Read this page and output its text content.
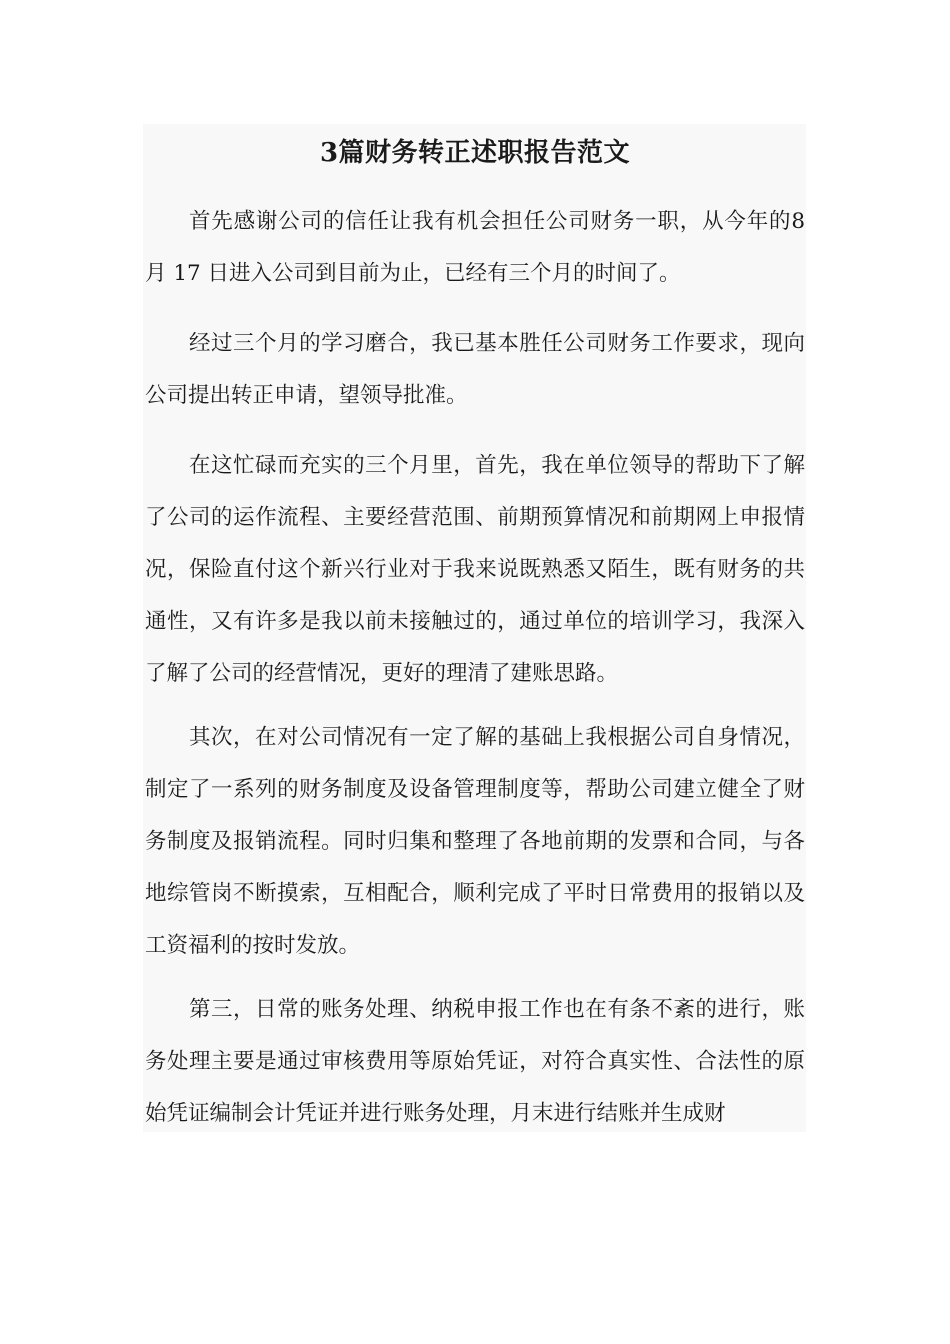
3篇财务转正述职报告范文

首先感谢公司的信任让我有机会担任公司财务一职，从今年的8 月 17 日进入公司到目前为止，已经有三个月的时间了。

经过三个月的学习磨合，我已基本胜任公司财务工作要求，现向公司提出转正申请，望领导批准。

在这忙碌而充实的三个月里，首先，我在单位领导的帮助下了解了公司的运作流程、主要经营范围、前期预算情况和前期网上申报情况，保险直付这个新兴行业对于我来说既熟悉又陌生，既有财务的共通性，又有许多是我以前未接触过的，通过单位的培训学习，我深入了解了公司的经营情况，更好的理清了建账思路。

其次，在对公司情况有一定了解的基础上我根据公司自身情况，制定了一系列的财务制度及设备管理制度等，帮助公司建立健全了财务制度及报销流程。同时归集和整理了各地前期的发票和合同，与各地综管岗不断摸索，互相配合，顺利完成了平时日常费用的报销以及工资福利的按时发放。

第三，日常的账务处理、纳税申报工作也在有条不紊的进行，账务处理主要是通过审核费用等原始凭证，对符合真实性、合法性的原始凭证编制会计凭证并进行账务处理，月末进行结账并生成财
